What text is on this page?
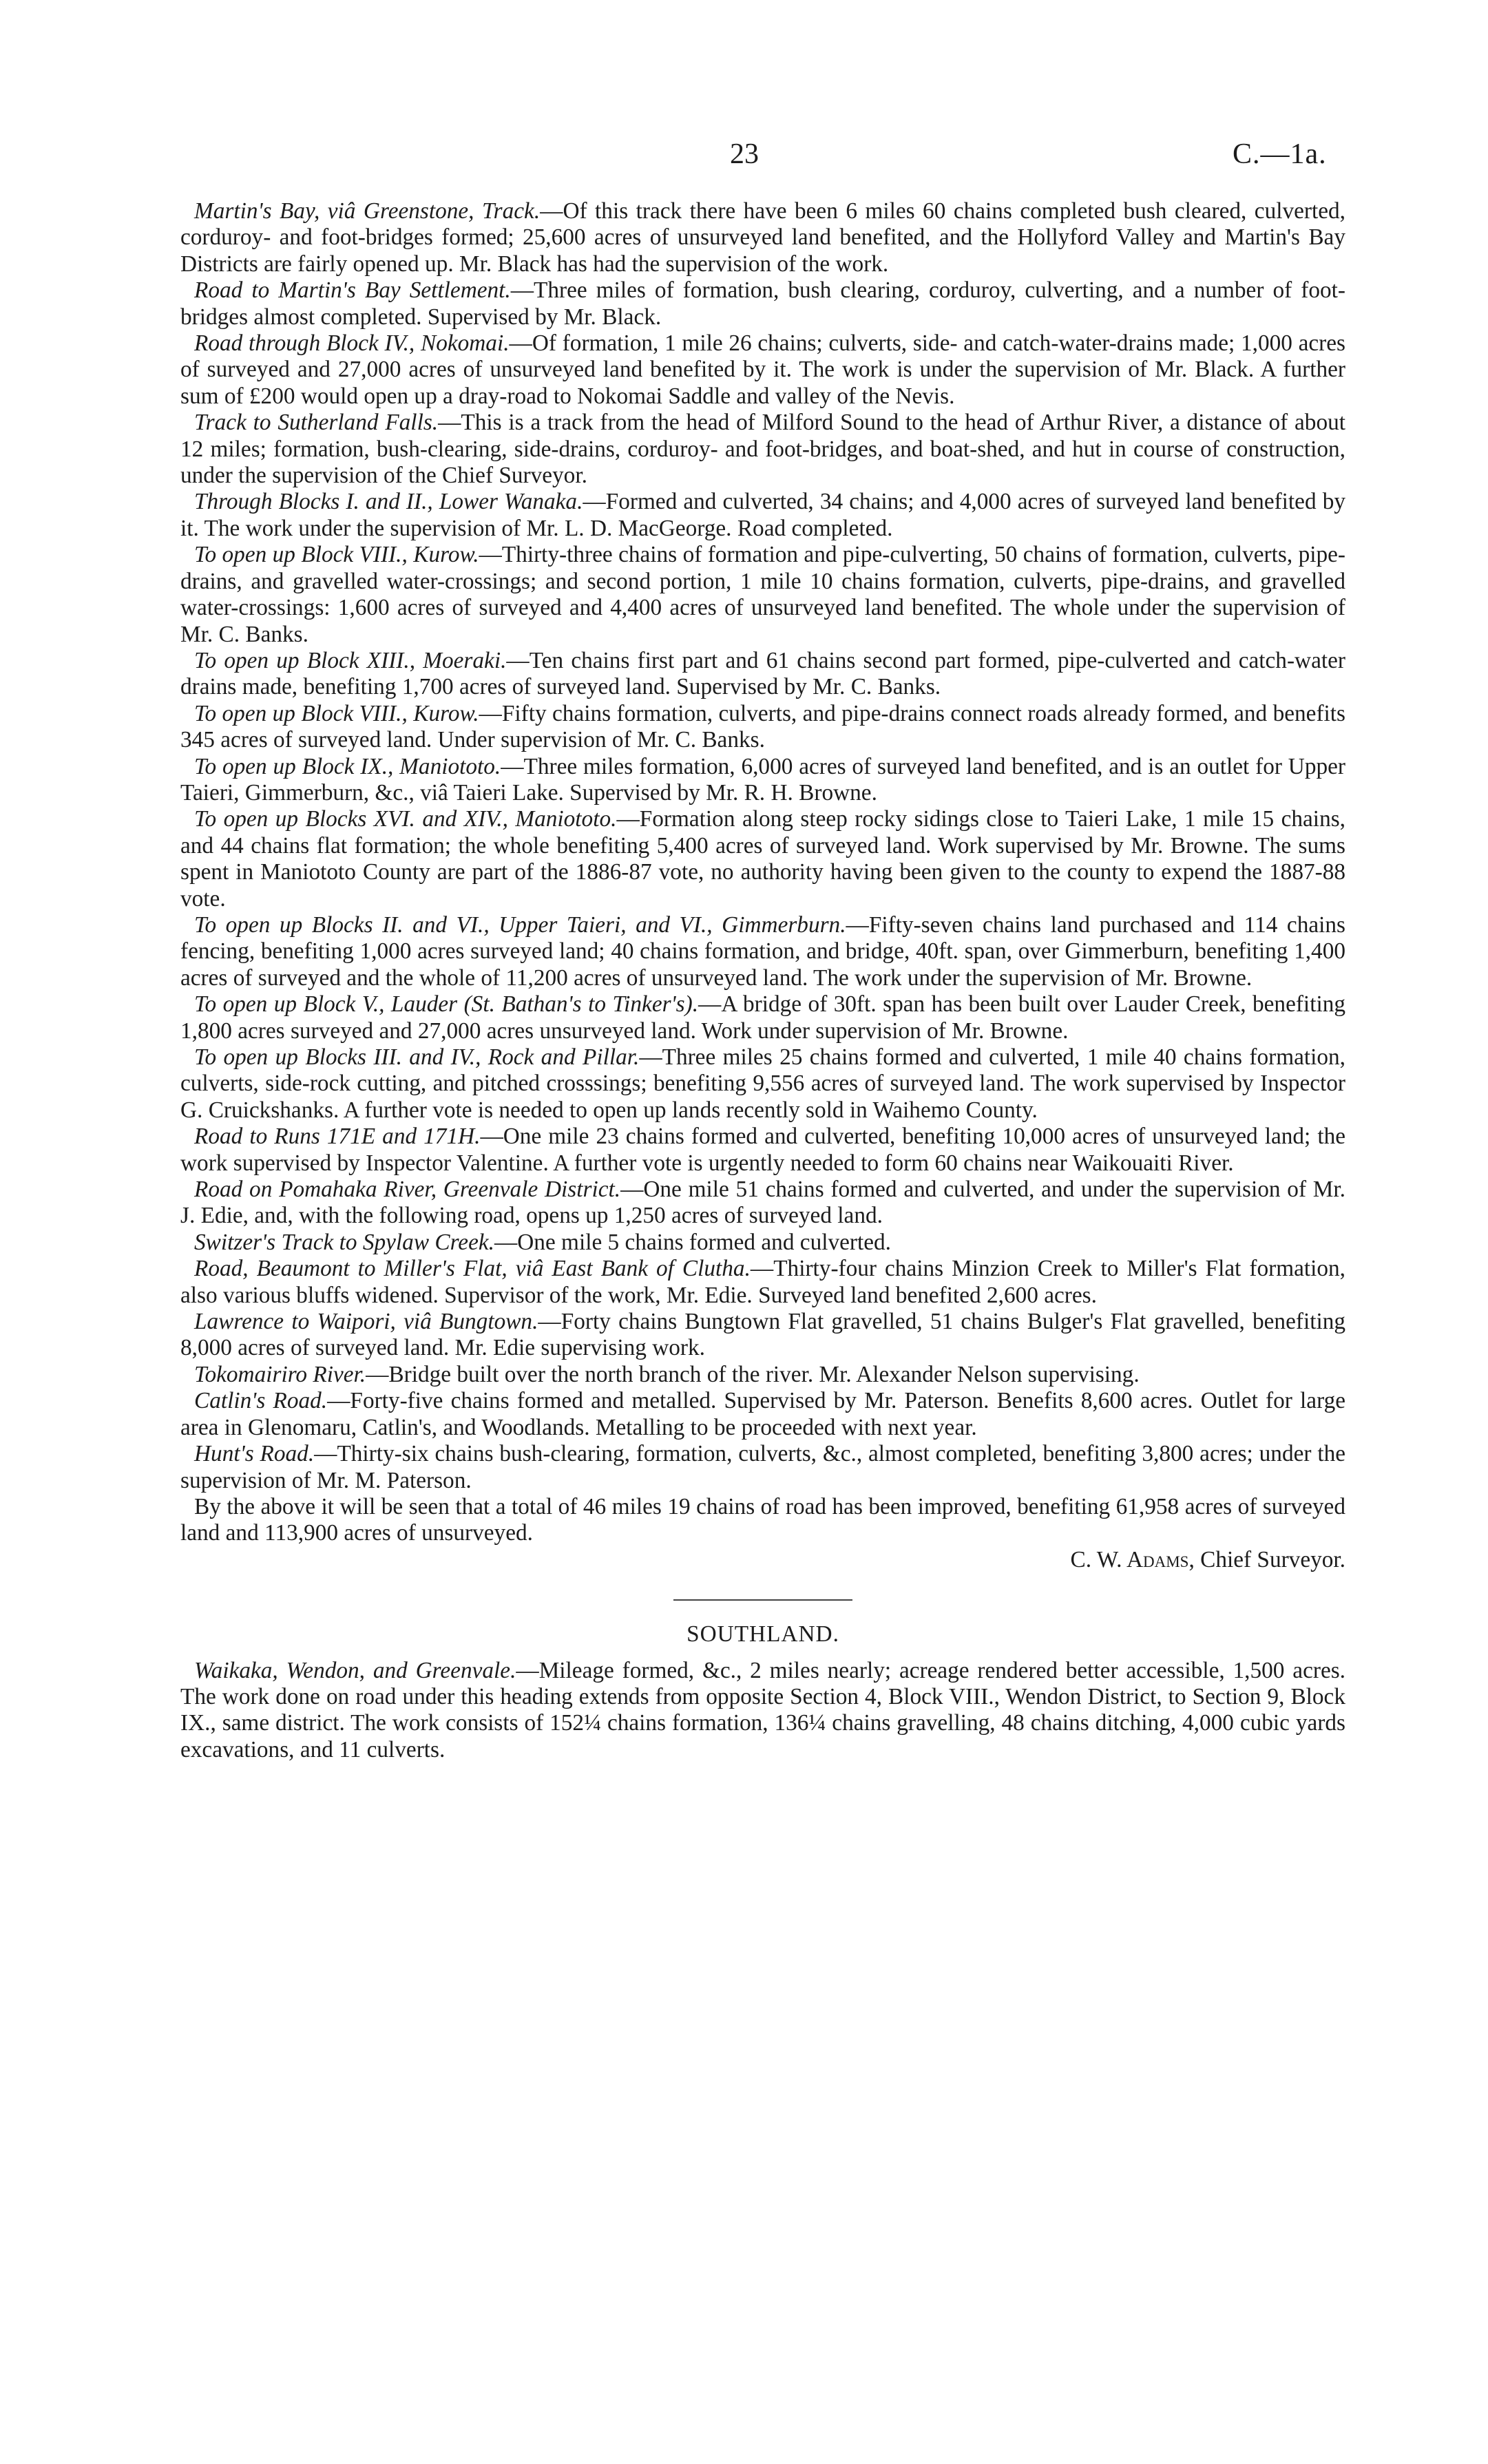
23	C.—1a.

Martin's Bay, viâ Greenstone, Track.—Of this track there have been 6 miles 60 chains completed bush cleared, culverted, corduroy- and foot-bridges formed; 25,600 acres of unsurveyed land benefited, and the Hollyford Valley and Martin's Bay Districts are fairly opened up. Mr. Black has had the supervision of the work.

Road to Martin's Bay Settlement.—Three miles of formation, bush clearing, corduroy, culverting, and a number of foot-bridges almost completed. Supervised by Mr. Black.

Road through Block IV., Nokomai.—Of formation, 1 mile 26 chains; culverts, side- and catch-water-drains made; 1,000 acres of surveyed and 27,000 acres of unsurveyed land benefited by it. The work is under the supervision of Mr. Black. A further sum of £200 would open up a dray-road to Nokomai Saddle and valley of the Nevis.

Track to Sutherland Falls.—This is a track from the head of Milford Sound to the head of Arthur River, a distance of about 12 miles; formation, bush-clearing, side-drains, corduroy- and foot-bridges, and boat-shed, and hut in course of construction, under the supervision of the Chief Surveyor.

Through Blocks I. and II., Lower Wanaka.—Formed and culverted, 34 chains; and 4,000 acres of surveyed land benefited by it. The work under the supervision of Mr. L. D. MacGeorge. Road completed.

To open up Block VIII., Kurow.—Thirty-three chains of formation and pipe-culverting, 50 chains of formation, culverts, pipe-drains, and gravelled water-crossings; and second portion, 1 mile 10 chains formation, culverts, pipe-drains, and gravelled water-crossings: 1,600 acres of surveyed and 4,400 acres of unsurveyed land benefited. The whole under the supervision of Mr. C. Banks.

To open up Block XIII., Moeraki.—Ten chains first part and 61 chains second part formed, pipe-culverted and catch-water drains made, benefiting 1,700 acres of surveyed land. Supervised by Mr. C. Banks.

To open up Block VIII., Kurow.—Fifty chains formation, culverts, and pipe-drains connect roads already formed, and benefits 345 acres of surveyed land. Under supervision of Mr. C. Banks.

To open up Block IX., Maniototo.—Three miles formation, 6,000 acres of surveyed land benefited, and is an outlet for Upper Taieri, Gimmerburn, &c., viâ Taieri Lake. Supervised by Mr. R. H. Browne.

To open up Blocks XVI. and XIV., Maniototo.—Formation along steep rocky sidings close to Taieri Lake, 1 mile 15 chains, and 44 chains flat formation; the whole benefiting 5,400 acres of surveyed land. Work supervised by Mr. Browne. The sums spent in Maniototo County are part of the 1886-87 vote, no authority having been given to the county to expend the 1887-88 vote.

To open up Blocks II. and VI., Upper Taieri, and VI., Gimmerburn.—Fifty-seven chains land purchased and 114 chains fencing, benefiting 1,000 acres surveyed land; 40 chains formation, and bridge, 40ft. span, over Gimmerburn, benefiting 1,400 acres of surveyed and the whole of 11,200 acres of unsurveyed land. The work under the supervision of Mr. Browne.

To open up Block V., Lauder (St. Bathan's to Tinker's).—A bridge of 30ft. span has been built over Lauder Creek, benefiting 1,800 acres surveyed and 27,000 acres unsurveyed land. Work under supervision of Mr. Browne.

To open up Blocks III. and IV., Rock and Pillar.—Three miles 25 chains formed and culverted, 1 mile 40 chains formation, culverts, side-rock cutting, and pitched crosssings; benefiting 9,556 acres of surveyed land. The work supervised by Inspector G. Cruickshanks. A further vote is needed to open up lands recently sold in Waihemo County.

Road to Runs 171E and 171H.—One mile 23 chains formed and culverted, benefiting 10,000 acres of unsurveyed land; the work supervised by Inspector Valentine. A further vote is urgently needed to form 60 chains near Waikouaiti River.

Road on Pomahaka River, Greenvale District.—One mile 51 chains formed and culverted, and under the supervision of Mr. J. Edie, and, with the following road, opens up 1,250 acres of surveyed land.

Switzer's Track to Spylaw Creek.—One mile 5 chains formed and culverted.

Road, Beaumont to Miller's Flat, viâ East Bank of Clutha.—Thirty-four chains Minzion Creek to Miller's Flat formation, also various bluffs widened. Supervisor of the work, Mr. Edie. Surveyed land benefited 2,600 acres.

Lawrence to Waipori, viâ Bungtown.—Forty chains Bungtown Flat gravelled, 51 chains Bulger's Flat gravelled, benefiting 8,000 acres of surveyed land. Mr. Edie supervising work.

Tokomairiro River.—Bridge built over the north branch of the river. Mr. Alexander Nelson supervising.

Catlin's Road.—Forty-five chains formed and metalled. Supervised by Mr. Paterson. Benefits 8,600 acres. Outlet for large area in Glenomaru, Catlin's, and Woodlands. Metalling to be proceeded with next year.

Hunt's Road.—Thirty-six chains bush-clearing, formation, culverts, &c., almost completed, benefiting 3,800 acres; under the supervision of Mr. M. Paterson.

By the above it will be seen that a total of 46 miles 19 chains of road has been improved, benefiting 61,958 acres of surveyed land and 113,900 acres of unsurveyed.

C. W. Adams, Chief Surveyor.

SOUTHLAND.

Waikaka, Wendon, and Greenvale.—Mileage formed, &c., 2 miles nearly; acreage rendered better accessible, 1,500 acres. The work done on road under this heading extends from opposite Section 4, Block VIII., Wendon District, to Section 9, Block IX., same district. The work consists of 152¼ chains formation, 136¼ chains gravelling, 48 chains ditching, 4,000 cubic yards excavations, and 11 culverts.
